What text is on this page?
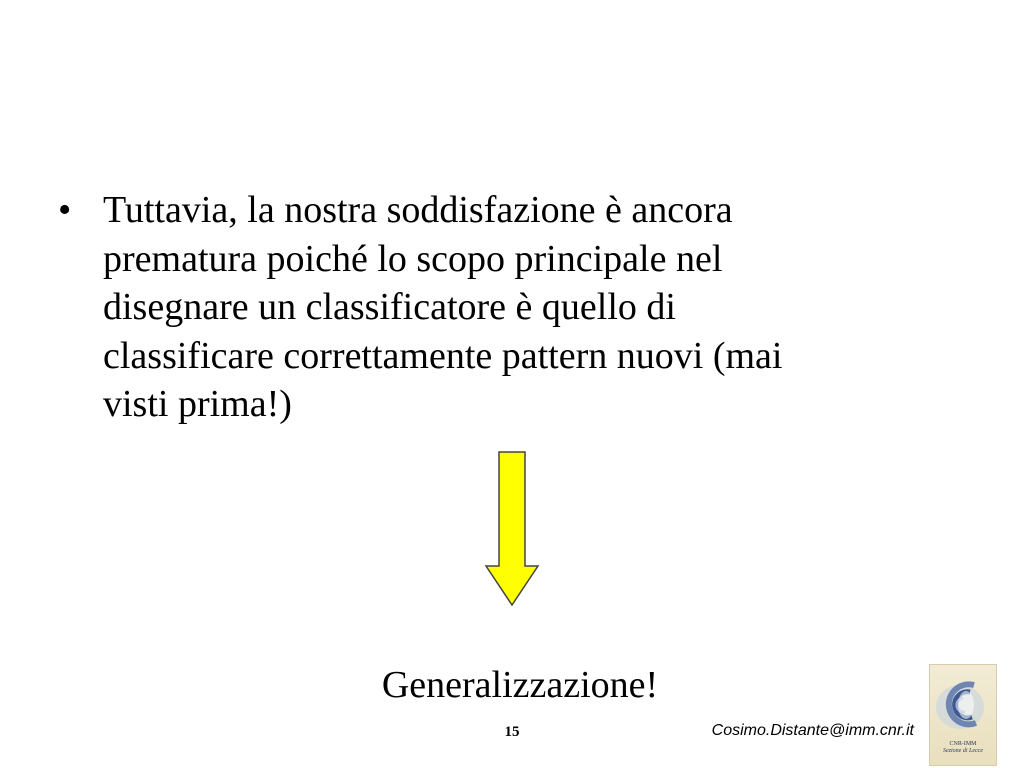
• Tuttavia, la nostra soddisfazione è ancora
prematura poiché lo scopo principale nel
disegnare un classificatore è quello di
classificare correttamente pattern nuovi (mai
visti prima!)
Generalizzazione!
15	Cosimo.Distante@imm.cnr.it
CNR-IMM
Sezione di Lecce
